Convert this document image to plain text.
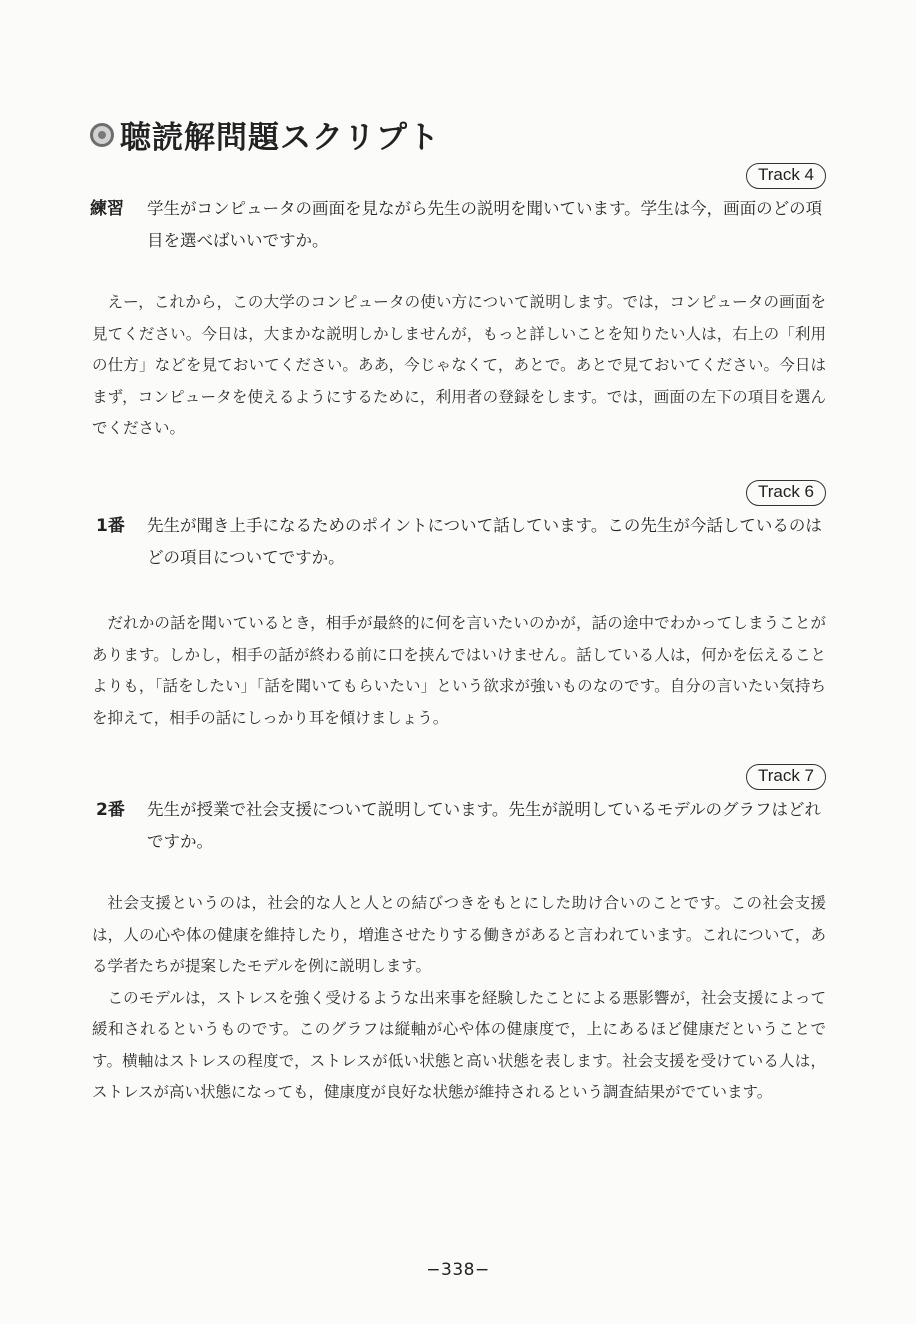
聴読解問題スクリプト
Track 4
練習	学生がコンピュータの画面を見ながら先生の説明を聞いています。学生は今，画面のどの項目を選べばいいですか。

えー，これから，この大学のコンピュータの使い方について説明します。では，コンピュータの画面を見てください。今日は，大まかな説明しかしませんが，もっと詳しいことを知りたい人は，右上の「利用の仕方」などを見ておいてください。ああ，今じゃなくて，あとで。あとで見ておいてください。今日はまず，コンピュータを使えるようにするために，利用者の登録をします。では，画面の左下の項目を選んでください。

Track 6
1番	先生が聞き上手になるためのポイントについて話しています。この先生が今話しているのはどの項目についてですか。

だれかの話を聞いているとき，相手が最終的に何を言いたいのかが，話の途中でわかってしまうことがあります。しかし，相手の話が終わる前に口を挟んではいけません。話している人は，何かを伝えることよりも，「話をしたい」「話を聞いてもらいたい」という欲求が強いものなのです。自分の言いたい気持ちを抑えて，相手の話にしっかり耳を傾けましょう。

Track 7
2番	先生が授業で社会支援について説明しています。先生が説明しているモデルのグラフはどれですか。

社会支援というのは，社会的な人と人との結びつきをもとにした助け合いのことです。この社会支援は，人の心や体の健康を維持したり，増進させたりする働きがあると言われています。これについて，ある学者たちが提案したモデルを例に説明します。

このモデルは，ストレスを強く受けるような出来事を経験したことによる悪影響が，社会支援によって緩和されるというものです。このグラフは縦軸が心や体の健康度で，上にあるほど健康だということです。横軸はストレスの程度で，ストレスが低い状態と高い状態を表します。社会支援を受けている人は，ストレスが高い状態になっても，健康度が良好な状態が維持されるという調査結果がでています。

−338−
